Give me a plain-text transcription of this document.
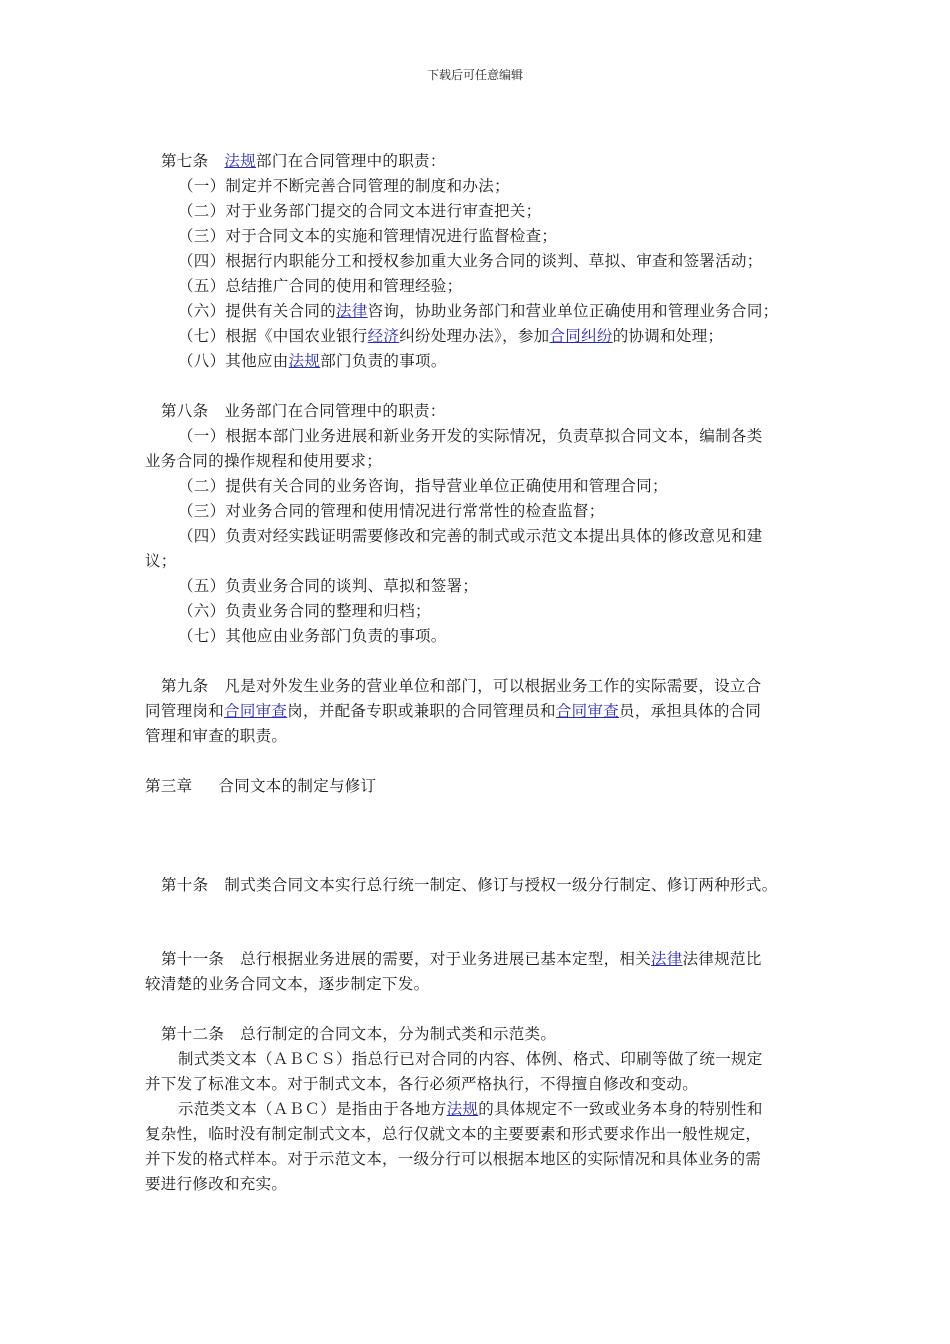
下载后可任意编辑
第七条 法规部门在合同管理中的职责：
（一）制定并不断完善合同管理的制度和办法；
（二）对于业务部门提交的合同文本进行审查把关；
（三）对于合同文本的实施和管理情况进行监督检查；
（四）根据行内职能分工和授权参加重大业务合同的谈判、草拟、审查和签署活动；
（五）总结推广合同的使用和管理经验；
（六）提供有关合同的法律咨询，协助业务部门和营业单位正确使用和管理业务合同；
（七）根据《中国农业银行经济纠纷处理办法》，参加合同纠纷的协调和处理；
（八）其他应由法规部门负责的事项。
第八条 业务部门在合同管理中的职责：
（一）根据本部门业务进展和新业务开发的实际情况，负责草拟合同文本，编制各类
业务合同的操作规程和使用要求；
（二）提供有关合同的业务咨询，指导营业单位正确使用和管理合同；
（三）对业务合同的管理和使用情况进行常常性的检查监督；
（四）负责对经实践证明需要修改和完善的制式或示范文本提出具体的修改意见和建
议；
（五）负责业务合同的谈判、草拟和签署；
（六）负责业务合同的整理和归档；
（七）其他应由业务部门负责的事项。
第九条 凡是对外发生业务的营业单位和部门，可以根据业务工作的实际需要，设立合
同管理岗和合同审查岗，并配备专职或兼职的合同管理员和合同审查员，承担具体的合同
管理和审查的职责。
第三章 合同文本的制定与修订
第十条 制式类合同文本实行总行统一制定、修订与授权一级分行制定、修订两种形式。
第十一条 总行根据业务进展的需要，对于业务进展已基本定型，相关法律法律规范比
较清楚的业务合同文本，逐步制定下发。
第十二条 总行制定的合同文本，分为制式类和示范类。
制式类文本（ＡＢＣＳ）指总行已对合同的内容、体例、格式、印刷等做了统一规定
并下发了标准文本。对于制式文本，各行必须严格执行，不得擅自修改和变动。
示范类文本（ＡＢＣ）是指由于各地方法规的具体规定不一致或业务本身的特别性和
复杂性，临时没有制定制式文本，总行仅就文本的主要要素和形式要求作出一般性规定，
并下发的格式样本。对于示范文本，一级分行可以根据本地区的实际情况和具体业务的需
要进行修改和充实。
